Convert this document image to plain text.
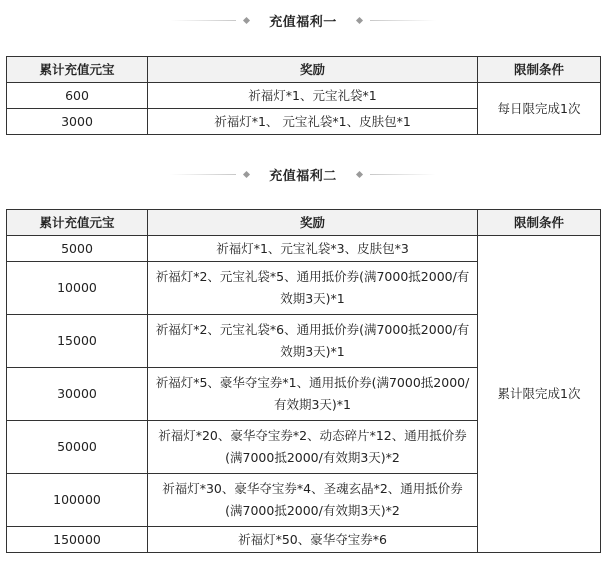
充值福利一
累计充值元宝	奖励	限制条件
600	祈福灯*1、元宝礼袋*1	每日限完成1次
3000	祈福灯*1、 元宝礼袋*1、皮肤包*1	
充值福利二
累计充值元宝	奖励	限制条件
5000	祈福灯*1、元宝礼袋*3、皮肤包*3	累计限完成1次
10000	祈福灯*2、元宝礼袋*5、通用抵价券(满7000抵2000/有效期3天)*1	
15000	祈福灯*2、元宝礼袋*6、通用抵价券(满7000抵2000/有效期3天)*1	
30000	祈福灯*5、豪华夺宝券*1、通用抵价券(满7000抵2000/有效期3天)*1	
50000	祈福灯*20、豪华夺宝券*2、动态碎片*12、通用抵价券(满7000抵2000/有效期3天)*2	
100000	祈福灯*30、豪华夺宝券*4、圣魂玄晶*2、通用抵价券(满7000抵2000/有效期3天)*2	
150000	祈福灯*50、豪华夺宝券*6	
